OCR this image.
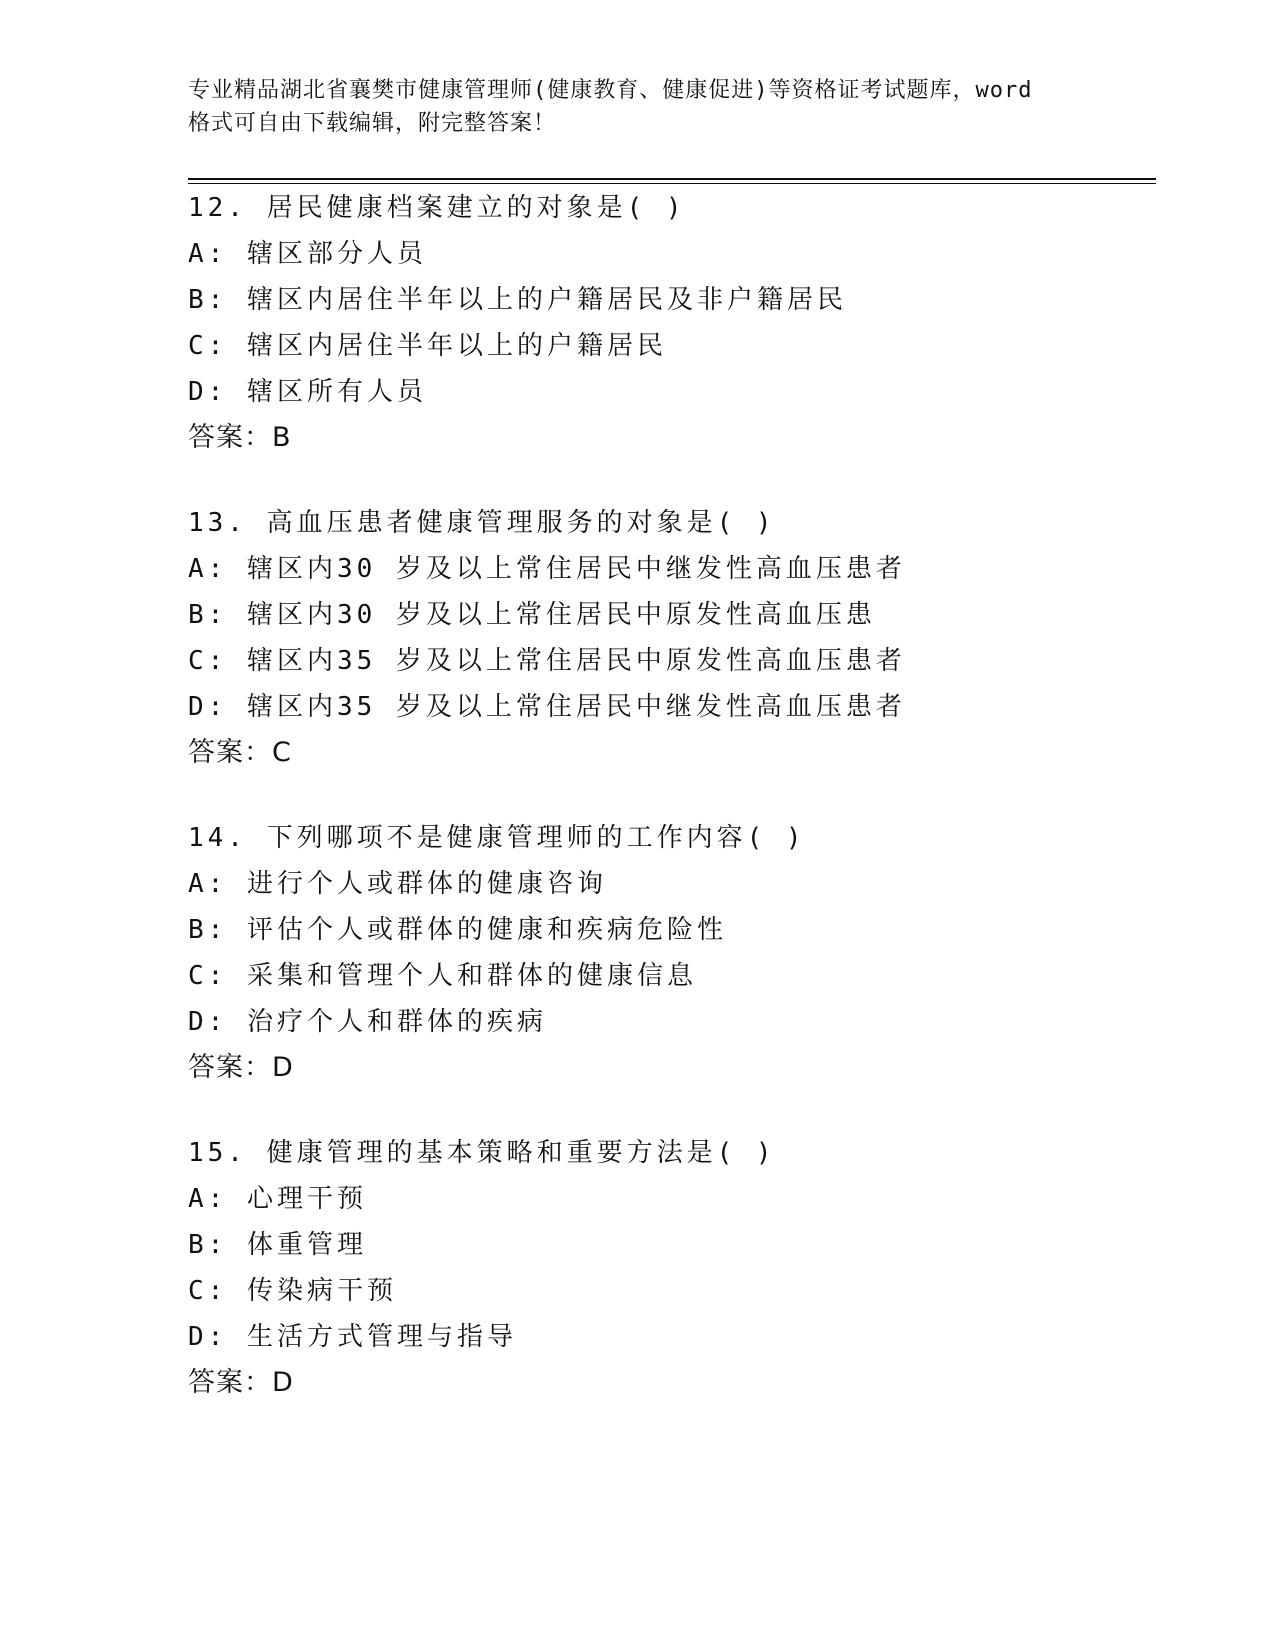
专业精品湖北省襄樊市健康管理师(健康教育、健康促进)等资格证考试题库，word
格式可自由下载编辑，附完整答案！
12. 居民健康档案建立的对象是( )
A: 辖区部分人员
B: 辖区内居住半年以上的户籍居民及非户籍居民
C: 辖区内居住半年以上的户籍居民
D: 辖区所有人员
答案：B
13. 高血压患者健康管理服务的对象是( )
A: 辖区内30 岁及以上常住居民中继发性高血压患者
B: 辖区内30 岁及以上常住居民中原发性高血压患
C: 辖区内35 岁及以上常住居民中原发性高血压患者
D: 辖区内35 岁及以上常住居民中继发性高血压患者
答案：C
14. 下列哪项不是健康管理师的工作内容( )
A: 进行个人或群体的健康咨询
B: 评估个人或群体的健康和疾病危险性
C: 采集和管理个人和群体的健康信息
D: 治疗个人和群体的疾病
答案：D
15. 健康管理的基本策略和重要方法是( )
A: 心理干预
B: 体重管理
C: 传染病干预
D: 生活方式管理与指导
答案：D
